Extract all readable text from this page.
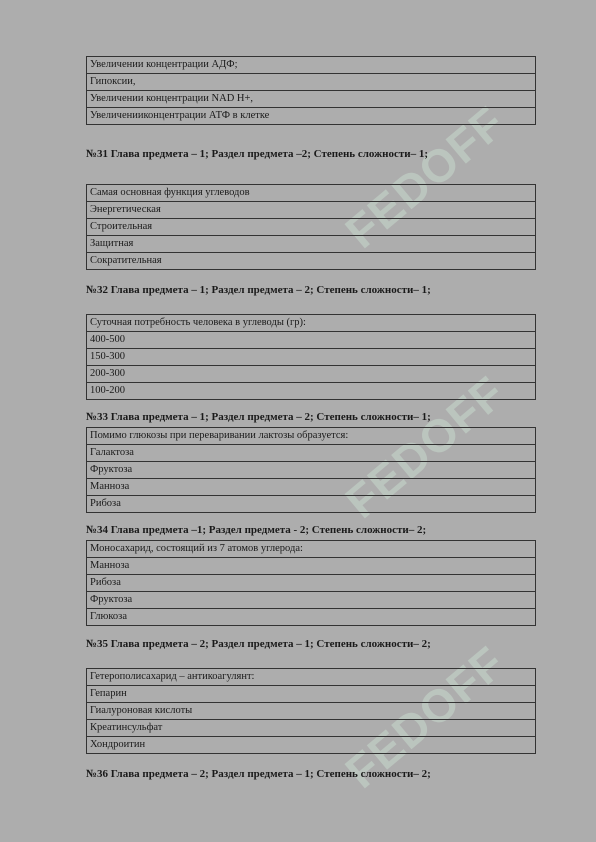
FEDOFF
FEDOFF
FEDOFF
Увеличении концентрации АДФ;
Гипоксии,
Увеличении концентрации NAD H+,
Увеличенииконцентрации АТФ в клетке
№31 Глава предмета – 1; Раздел предмета –2; Степень сложности– 1;
Самая основная функция углеводов
Энергетическая
Строительная
Защитная
Сократительная
№32 Глава предмета – 1; Раздел предмета – 2; Степень сложности– 1;
Суточная потребность человека в углеводы (гр):
400-500
150-300
200-300
100-200
№33 Глава предмета – 1; Раздел предмета – 2; Степень сложности– 1;
Помимо глюкозы при переваривании лактозы образуется:
Галактоза
Фруктоза
Манноза
Рибоза
№34 Глава предмета –1; Раздел предмета - 2; Степень сложности– 2;
Моносахарид, состоящий из 7 атомов углерода:
Манноза
Рибоза
Фруктоза
Глюкоза
№35 Глава предмета – 2; Раздел предмета – 1; Степень сложности– 2;
Гетерополисахарид – антикоагулянт:
Гепарин
Гиалуроновая кислоты
Креатинсульфат
Хондроитин
№36 Глава предмета – 2; Раздел предмета – 1; Степень сложности– 2;
